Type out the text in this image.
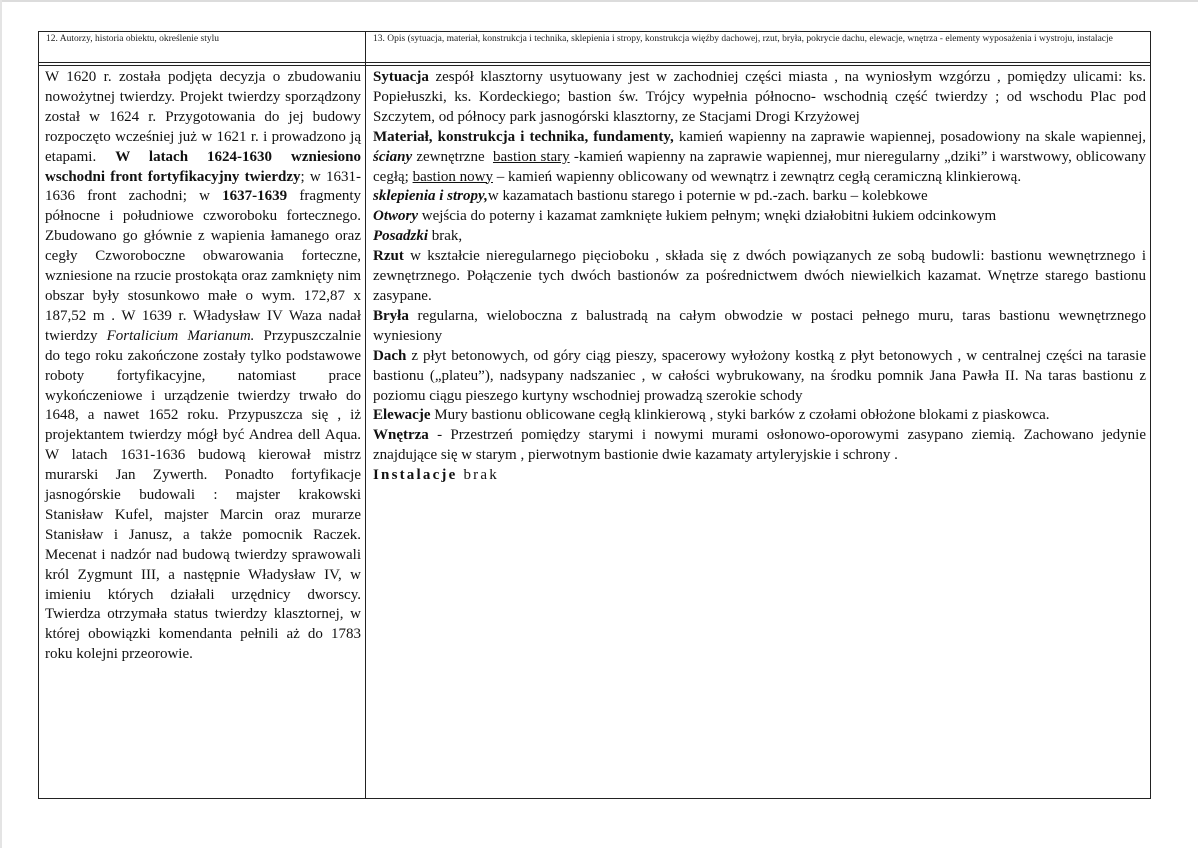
12. Autorzy, historia obiektu, określenie stylu	13. Opis (sytuacja, materiał, konstrukcja i technika, sklepienia i stropy, konstrukcja więźby dachowej, rzut, bryła, pokrycie dachu, elewacje, wnętrza - elementy wyposażenia i wystroju, instalacje

W 1620 r. została podjęta decyzja o zbudowaniu nowożytnej twierdzy. Projekt twierdzy sporządzony został w 1624 r. Przygotowania do jej budowy rozpoczęto wcześniej już w 1621 r. i prowadzono ją etapami. W latach 1624-1630 wzniesiono wschodni front fortyfikacyjny twierdzy; w 1631-1636 front zachodni; w 1637-1639 fragmenty północne i południowe czworoboku fortecznego. Zbudowano go głównie z wapienia łamanego oraz cegły Czworoboczne obwarowania forteczne, wzniesione na rzucie prostokąta oraz zamknięty nim obszar były stosunkowo małe o wym. 172,87 x 187,52 m . W 1639 r. Władysław IV Waza nadał twierdzy Fortalicium Marianum. Przypuszczalnie do tego roku zakończone zostały tylko podstawowe roboty fortyfikacyjne, natomiast prace wykończeniowe i urządzenie twierdzy trwało do 1648, a nawet 1652 roku. Przypuszcza się , iż projektantem twierdzy mógł być Andrea dell Aqua. W latach 1631-1636 budową kierował mistrz murarski Jan Zywerth. Ponadto fortyfikacje jasnogórskie budowali : majster krakowski Stanisław Kufel, majster Marcin oraz murarze Stanisław i Janusz, a także pomocnik Raczek. Mecenat i nadzór nad budową twierdzy sprawowali król Zygmunt III, a następnie Władysław IV, w imieniu których działali urzędnicy dworscy. Twierdza otrzymała status twierdzy klasztornej, w której obowiązki komendanta pełnili aż do 1783 roku kolejni przeorowie.

Sytuacja zespół klasztorny usytuowany jest w zachodniej części miasta , na wyniosłym wzgórzu , pomiędzy ulicami: ks. Popiełuszki, ks. Kordeckiego; bastion św. Trójcy wypełnia północno- wschodnią część twierdzy ; od wschodu Plac pod Szczytem, od północy park jasnogórski klasztorny, ze Stacjami Drogi Krzyżowej

Materiał, konstrukcja i technika, fundamenty, kamień wapienny na zaprawie wapiennej, posadowiony na skale wapiennej, ściany zewnętrzne bastion stary -kamień wapienny na zaprawie wapiennej, mur nieregularny „dziki” i warstwowy, oblicowany cegłą; bastion nowy – kamień wapienny oblicowany od wewnątrz i zewnątrz cegłą ceramiczną klinkierową.

sklepienia i stropy,w kazamatach bastionu starego i poternie w pd.-zach. barku – kolebkowe

Otwory wejścia do poterny i kazamat zamknięte łukiem pełnym; wnęki działobitni łukiem odcinkowym

Posadzki brak,

Rzut w kształcie nieregularnego pięcioboku , składa się z dwóch powiązanych ze sobą budowli: bastionu wewnętrznego i zewnętrznego. Połączenie tych dwóch bastionów za pośrednictwem dwóch niewielkich kazamat. Wnętrze starego bastionu zasypane.

Bryła regularna, wieloboczna z balustradą na całym obwodzie w postaci pełnego muru, taras bastionu wewnętrznego wyniesiony

Dach z płyt betonowych, od góry ciąg pieszy, spacerowy wyłożony kostką z płyt betonowych , w centralnej części na tarasie bastionu („plateu”), nadsypany nadszaniec , w całości wybrukowany, na środku pomnik Jana Pawła II. Na taras bastionu z poziomu ciągu pieszego kurtyny wschodniej prowadzą szerokie schody

Elewacje Mury bastionu oblicowane cegłą klinkierową , styki barków z czołami obłożone blokami z piaskowca.

Wnętrza - Przestrzeń pomiędzy starymi i nowymi murami osłonowo-oporowymi zasypano ziemią. Zachowano jedynie znajdujące się w starym , pierwotnym bastionie dwie kazamaty artyleryjskie i schrony .

Instalacje brak
